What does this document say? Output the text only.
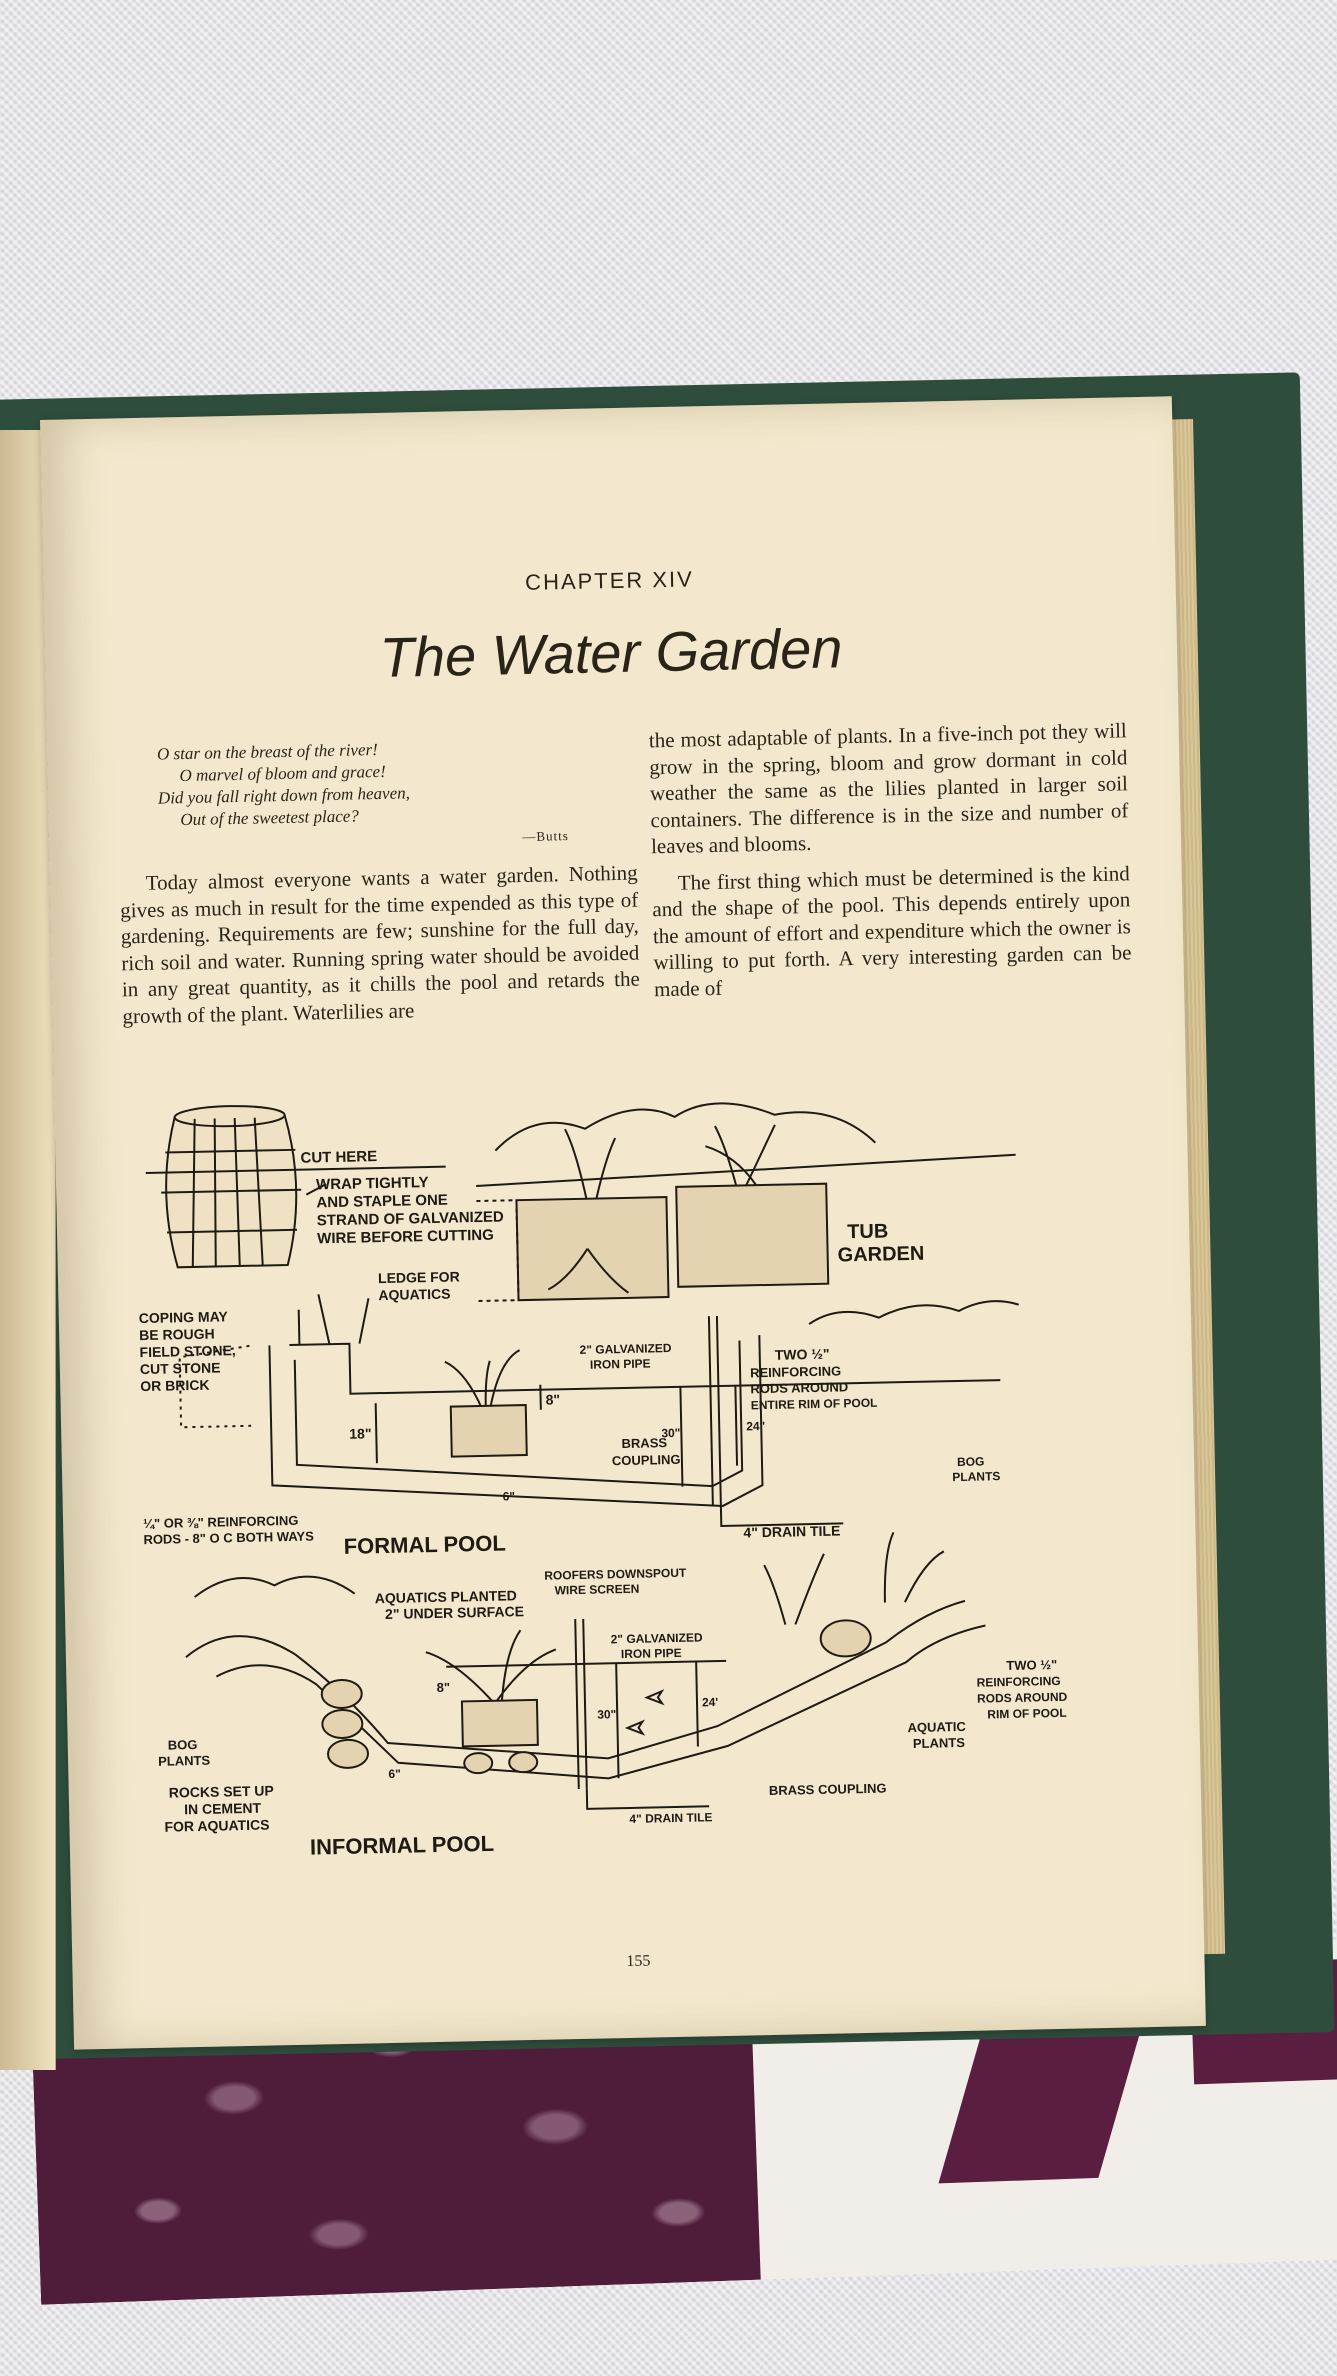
CHAPTER XIV
The Water Garden
O star on the breast of the river!
O marvel of bloom and grace!
Did you fall right down from heaven,
Out of the sweetest place?
—Butts

Today almost everyone wants a water garden. Nothing gives as much in result for the time expended as this type of gardening. Requirements are few; sunshine for the full day, rich soil and water. Running spring water should be avoided in any great quantity, as it chills the pool and retards the growth of the plant. Waterlilies are

the most adaptable of plants. In a five-inch pot they will grow in the spring, bloom and grow dormant in cold weather the same as the lilies planted in larger soil containers. The difference is in the size and number of leaves and blooms.

The first thing which must be determined is the kind and the shape of the pool. This depends entirely upon the amount of effort and expenditure which the owner is willing to put forth. A very interesting garden can be made of

CUT HERE
WRAP TIGHTLY
AND STAPLE ONE
STRAND OF GALVANIZED
WIRE BEFORE CUTTING	TUB
GARDEN
LEDGE FOR
AQUATICS
COPING MAY
BE ROUGH
FIELD STONE,
CUT STONE
OR BRICK
18"
8"
2" GALVANIZED
IRON PIPE
30"	24"
BRASS
COUPLING
TWO ½"
REINFORCING
RODS AROUND
ENTIRE RIM OF POOL
6"
¼" OR ⅜" REINFORCING
RODS - 8" O C BOTH WAYS	4" DRAIN TILE
FORMAL POOL
BOG
PLANTS
ROOFERS DOWNSPOUT
WIRE SCREEN
AQUATICS PLANTED
2" UNDER SURFACE
8"
2" GALVANIZED
IRON PIPE
30"
24'
TWO ½"
REINFORCING
RODS AROUND
RIM OF POOL
AQUATIC
PLANTS
BOG
PLANTS
ROCKS SET UP
IN CEMENT
FOR AQUATICS
6"
BRASS COUPLING
4" DRAIN TILE
INFORMAL POOL
155
